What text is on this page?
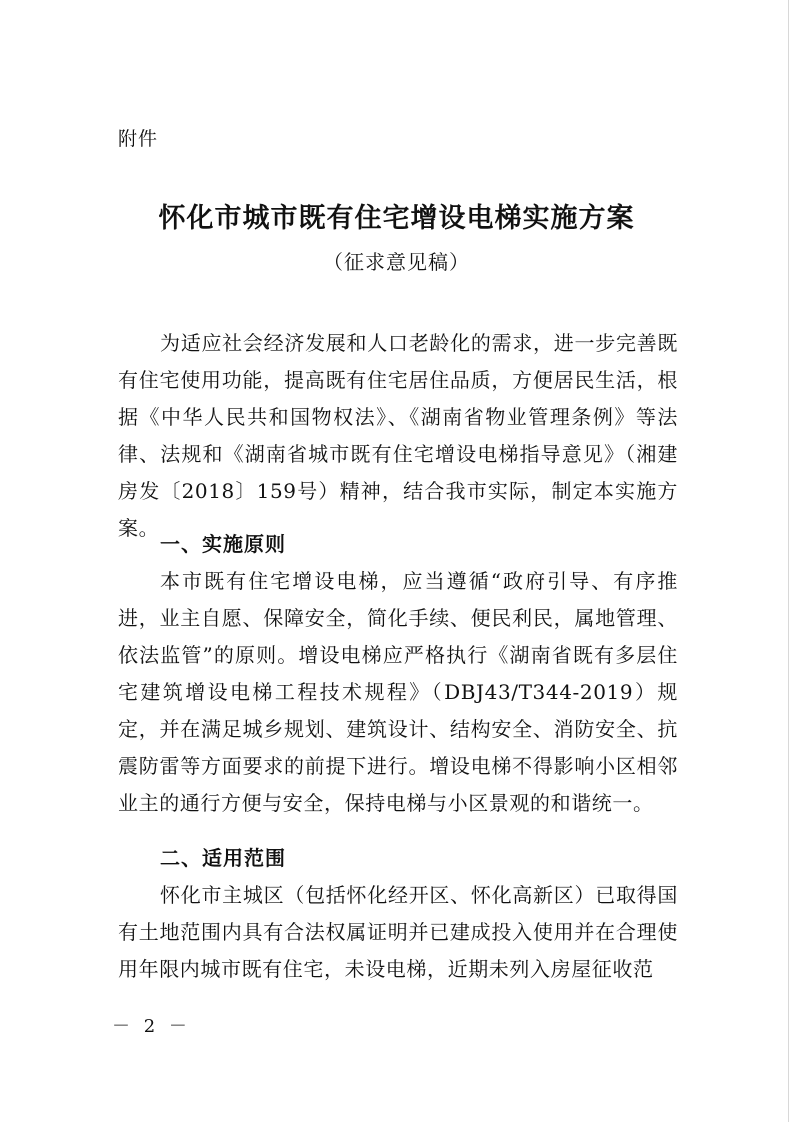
附件
怀化市城市既有住宅增设电梯实施方案
（征求意见稿）
为适应社会经济发展和人口老龄化的需求，进一步完善既有住宅使用功能，提高既有住宅居住品质，方便居民生活，根据《中华人民共和国物权法》、《湖南省物业管理条例》等法律、法规和《湖南省城市既有住宅增设电梯指导意见》（湘建房发〔2018〕159号）精神，结合我市实际，制定本实施方案。
一、实施原则
本市既有住宅增设电梯，应当遵循“政府引导、有序推进，业主自愿、保障安全，简化手续、便民利民，属地管理、依法监管”的原则。增设电梯应严格执行《湖南省既有多层住宅建筑增设电梯工程技术规程》（DBJ43/T344-2019）规定，并在满足城乡规划、建筑设计、结构安全、消防安全、抗震防雷等方面要求的前提下进行。增设电梯不得影响小区相邻业主的通行方便与安全，保持电梯与小区景观的和谐统一。
二、适用范围
怀化市主城区（包括怀化经开区、怀化高新区）已取得国有土地范围内具有合法权属证明并已建成投入使用并在合理使用年限内城市既有住宅，未设电梯，近期未列入房屋征收范
－ 2 －
